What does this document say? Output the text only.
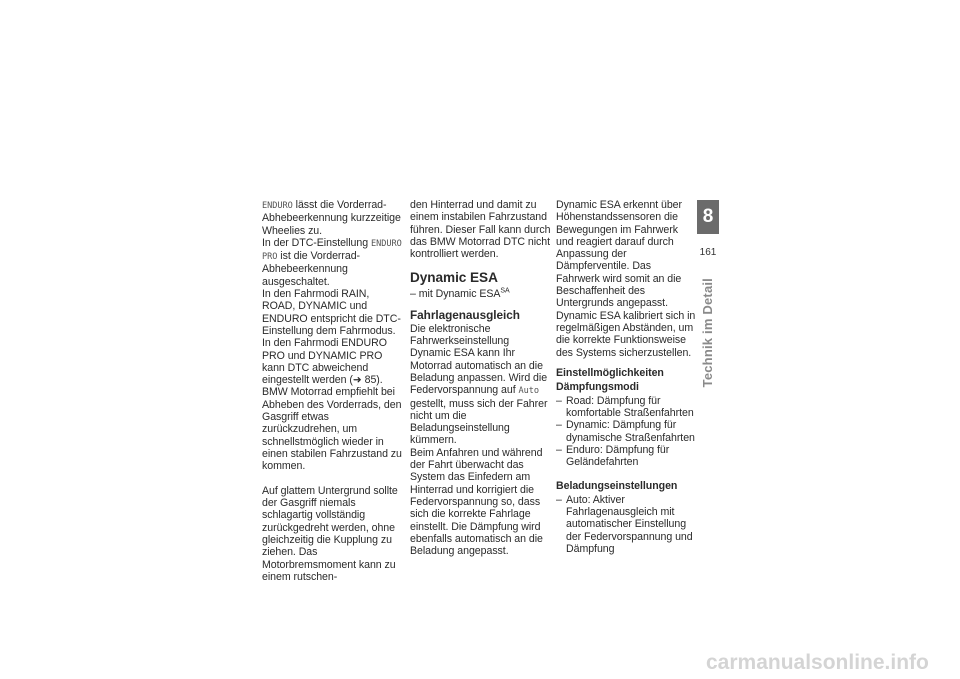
ENDURO lässt die Vorderrad-Abhebeerkennung kurzzeitige Wheelies zu.

In der DTC-Einstellung ENDURO PRO ist die Vorderrad-Abhebeerkennung ausgeschaltet.

In den Fahrmodi RAIN, ROAD, DYNAMIC und ENDURO entspricht die DTC-Einstellung dem Fahrmodus.

In den Fahrmodi ENDURO PRO und DYNAMIC PRO kann DTC abweichend eingestellt werden (➜ 85).

BMW Motorrad empfiehlt bei Abheben des Vorderrads, den Gasgriff etwas zurückzudrehen, um schnellstmöglich wieder in einen stabilen Fahrzustand zu kommen.

Auf glattem Untergrund sollte der Gasgriff niemals schlagartig vollständig zurückgedreht werden, ohne gleichzeitig die Kupplung zu ziehen. Das Motorbremsmoment kann zu einem rutschen-

den Hinterrad und damit zu einem instabilen Fahrzustand führen. Dieser Fall kann durch das BMW Motorrad DTC nicht kontrolliert werden.

Dynamic ESA

– mit Dynamic $ESA^{SA}$

Fahrlagenausgleich

Die elektronische Fahrwerkseinstellung Dynamic ESA kann Ihr Motorrad automatisch an die Beladung anpassen. Wird die Federvorspannung auf Auto gestellt, muss sich der Fahrer nicht um die Beladungseinstellung kümmern.

Beim Anfahren und während der Fahrt überwacht das System das Einfedern am Hinterrad und korrigiert die Federvorspannung so, dass sich die korrekte Fahrlage einstellt. Die Dämpfung wird ebenfalls automatisch an die Beladung angepasst.

Dynamic ESA erkennt über Höhenstandssensoren die Bewegungen im Fahrwerk und reagiert darauf durch Anpassung der Dämpferventile. Das Fahrwerk wird somit an die Beschaffenheit des Untergrunds angepasst.

Dynamic ESA kalibriert sich in regelmäßigen Abständen, um die korrekte Funktionsweise des Systems sicherzustellen.

Einstellmöglichkeiten
Dämpfungsmodi
– Road: Dämpfung für komfortable Straßenfahrten
– Dynamic: Dämpfung für dynamische Straßenfahrten
– Enduro: Dämpfung für Geländefahrten
Beladungseinstellungen
– Auto: Aktiver Fahrlagenausgleich mit automatischer Einstellung der Federvorspannung und Dämpfung
8
161
Technik im Detail
carmanualsonline.info
